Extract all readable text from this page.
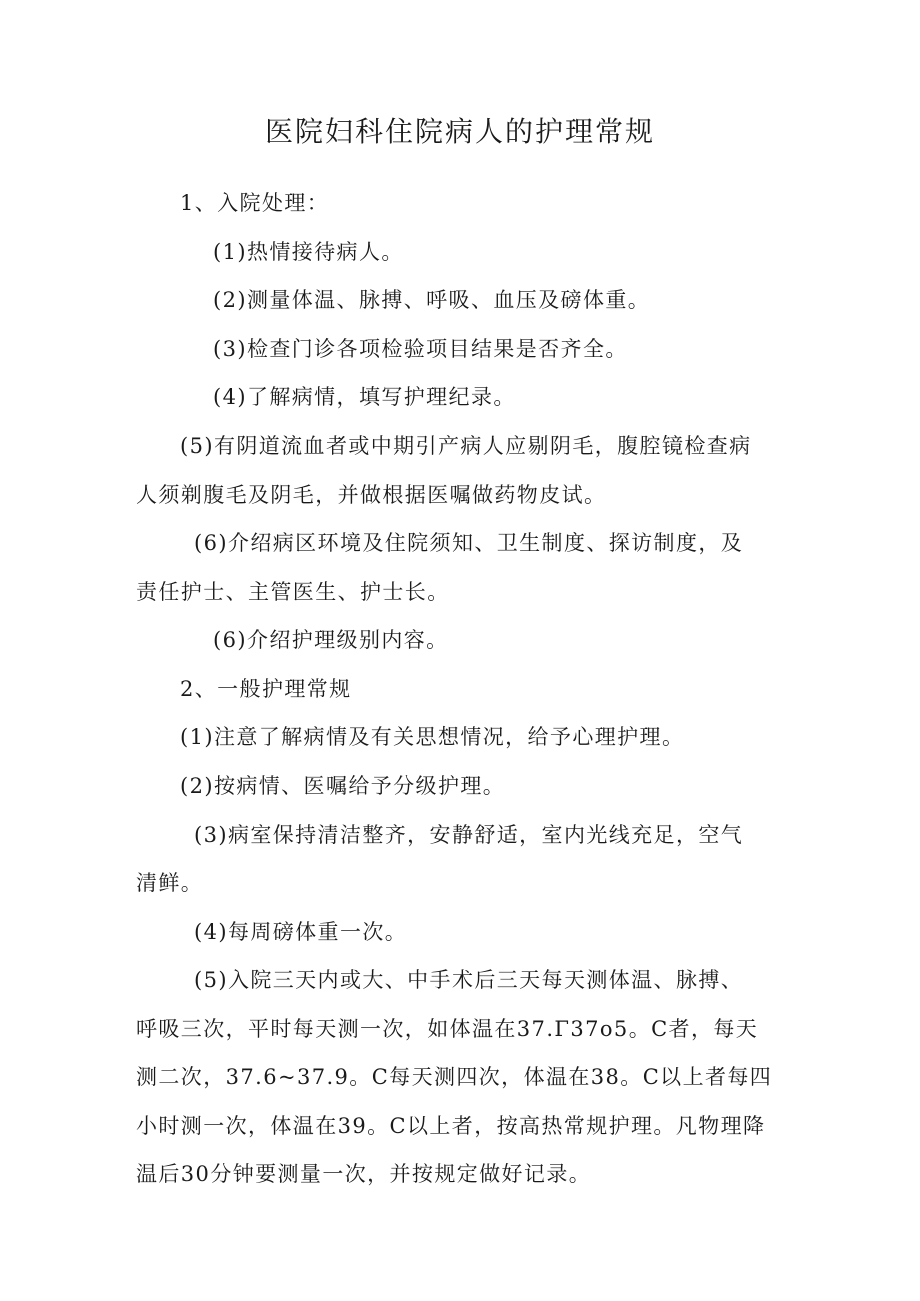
医院妇科住院病人的护理常规

1、入院处理：

(1)热情接待病人。

(2)测量体温、脉搏、呼吸、血压及磅体重。

(3)检查门诊各项检验项目结果是否齐全。

(4)了解病情，填写护理纪录。

(5)有阴道流血者或中期引产病人应剔阴毛，腹腔镜检查病

人须剃腹毛及阴毛，并做根据医嘱做药物皮试。

(6)介绍病区环境及住院须知、卫生制度、探访制度，及

责任护士、主管医生、护士长。

(6)介绍护理级别内容。

2、一般护理常规

(1)注意了解病情及有关思想情况，给予心理护理。

(2)按病情、医嘱给予分级护理。

(3)病室保持清洁整齐，安静舒适，室内光线充足，空气

清鲜。

(4)每周磅体重一次。

(5)入院三天内或大、中手术后三天每天测体温、脉搏、

呼吸三次，平时每天测一次，如体温在37.Γ37o5。C者，每天

测二次，37.6~37.9。C每天测四次，体温在38。C以上者每四

小时测一次，体温在39。C以上者，按高热常规护理。凡物理降

温后30分钟要测量一次，并按规定做好记录。
